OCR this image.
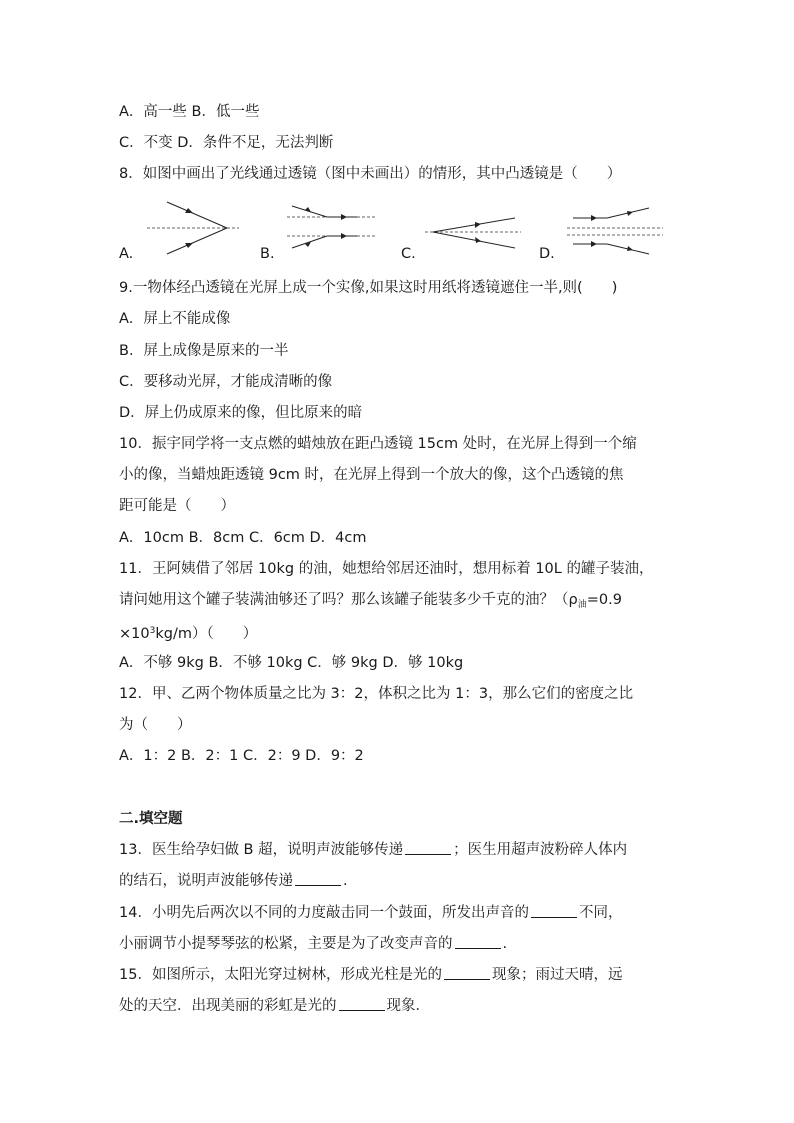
A．高一些 B．低一些
C．不变 D．条件不足，无法判断
8．如图中画出了光线通过透镜（图中未画出）的情形，其中凸透镜是（　　）
A.	B.	C.	D.
9.一物体经凸透镜在光屏上成一个实像,如果这时用纸将透镜遮住一半,则(　　)
A．屏上不能成像
B．屏上成像是原来的一半
C．要移动光屏，才能成清晰的像
D．屏上仍成原来的像，但比原来的暗
10．振宇同学将一支点燃的蜡烛放在距凸透镜 15cm 处时，在光屏上得到一个缩
小的像，当蜡烛距透镜 9cm 时，在光屏上得到一个放大的像，这个凸透镜的焦
距可能是（　　）
A．10cm B．8cm C．6cm D．4cm
11．王阿姨借了邻居 10kg 的油，她想给邻居还油时，想用标着 10L 的罐子装油，
请问她用这个罐子装满油够还了吗？那么该罐子能装多少千克的油？（$\rho_油=0.9$
$\times 10^3kg/m$）（　　）
A．不够 9kg B．不够 10kg C．够 9kg D．够 10kg
12．甲、乙两个物体质量之比为 3：2，体积之比为 1：3，那么它们的密度之比
为（　　）
A．1：2 B．2：1 C．2：9 D．9：2
二.填空题
13．医生给孕妇做 B 超，说明声波能够传递	；医生用超声波粉碎人体内
的结石，说明声波能够传递	.
14．小明先后两次以不同的力度敲击同一个鼓面，所发出声音的	不同，
小丽调节小提琴琴弦的松紧，主要是为了改变声音的	.
15．如图所示，太阳光穿过树林，形成光柱是光的	现象；雨过天晴，远
处的天空．出现美丽的彩虹是光的	现象．
